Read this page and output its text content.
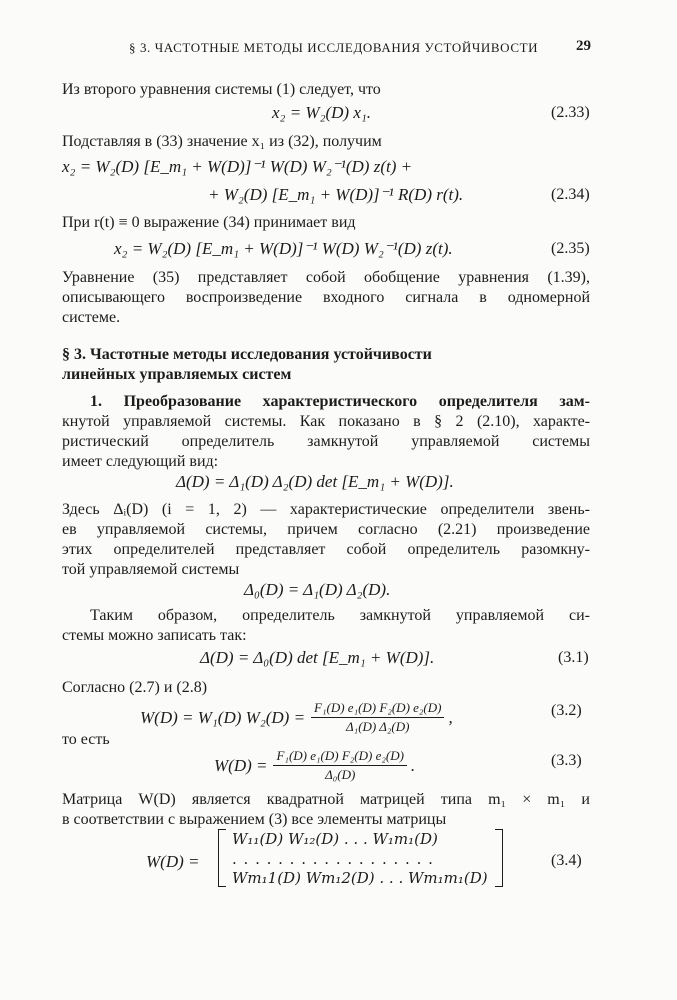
§ 3. ЧАСТОТНЫЕ МЕТОДЫ ИССЛЕДОВАНИЯ УСТОЙЧИВОСТИ	29
Из второго уравнения системы (1) следует, что
x₂ = W₂(D) x₁.	(2.33)
Подставляя в (33) значение x₁ из (32), получим
x₂ = W₂(D) [E_m₁ + W(D)]⁻¹ W(D) W₂⁻¹(D) z(t) +
+ W₂(D) [E_m₁ + W(D)]⁻¹ R(D) r(t).	(2.34)
При r(t) ≡ 0 выражение (34) принимает вид
x₂ = W₂(D) [E_m₁ + W(D)]⁻¹ W(D) W₂⁻¹(D) z(t).	(2.35)
Уравнение (35) представляет собой обобщение уравнения (1.39),
описывающего воспроизведение входного сигнала в одномерной
системе.
§ 3. Частотные методы исследования устойчивости
линейных управляемых систем
1. Преобразование характеристического определителя зам-
кнутой управляемой системы. Как показано в § 2 (2.10), характе-
ристический определитель замкнутой управляемой системы
имеет следующий вид:
Δ(D) = Δ₁(D) Δ₂(D) det [E_m₁ + W(D)].
Здесь Δᵢ(D) (i = 1, 2) — характеристические определители звень-
ев управляемой системы, причем согласно (2.21) произведение
этих определителей представляет собой определитель разомкну-
той управляемой системы
Δ₀(D) = Δ₁(D) Δ₂(D).
Таким образом, определитель замкнутой управляемой си-
стемы можно записать так:
Δ(D) = Δ₀(D) det [E_m₁ + W(D)].	(3.1)
Согласно (2.7) и (2.8)
W(D) = W₁(D) $W_2(D) = \frac{\text{F₁(D) e₁(D) F₂(D) e₂(D)}}{\text{Δ₁(D) Δ₂(D)}}$ ,	(3.2)
то есть
$W(D) = \frac{\text{F₁(D) e₁(D) F₂(D) e₂(D)}}{\text{Δ₀(D)}}$ .	(3.3)
Матрица W(D) является квадратной матрицей типа m₁ × m₁ и
в соответствии с выражением (3) все элементы матрицы
W(D) =
W₁₁(D) W₁₂(D) . . . W₁m₁(D)
. . . . . . . . . . . . . . . . . .
Wm₁1(D) Wm₁2(D) . . . Wm₁m₁(D)
(3.4)
